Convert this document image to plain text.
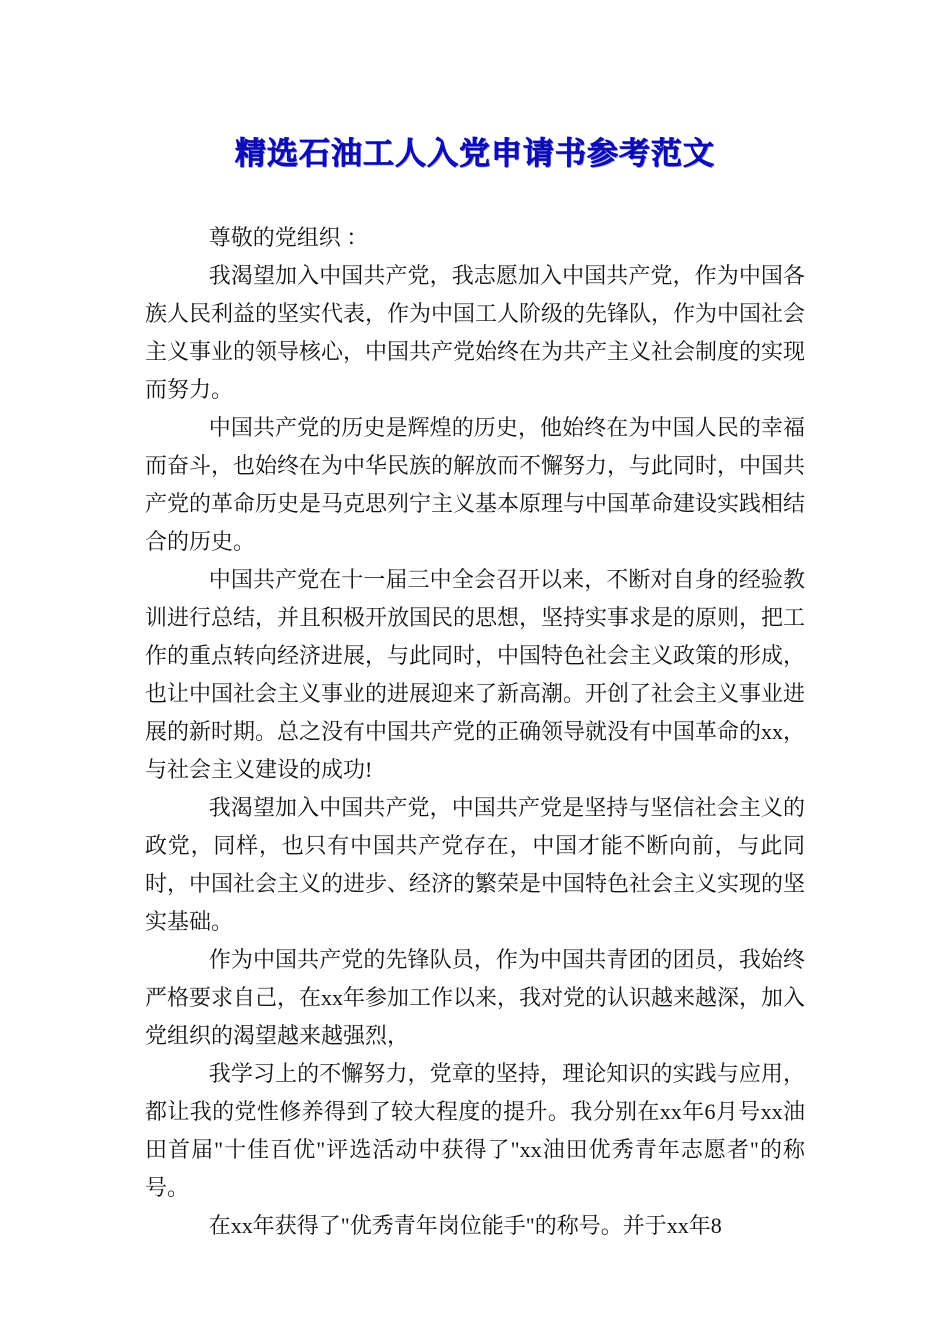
精选石油工人入党申请书参考范文

尊敬的党组织 ：

我渴望加入中国共产党，我志愿加入中国共产党，作为中国各族人民利益的坚实代表，作为中国工人阶级的先锋队，作为中国社会主义事业的领导核心，中国共产党始终在为共产主义社会制度的实现而努力。

中国共产党的历史是辉煌的历史，他始终在为中国人民的幸福而奋斗，也始终在为中华民族的解放而不懈努力，与此同时，中国共产党的革命历史是马克思列宁主义基本原理与中国革命建设实践相结合的历史。

中国共产党在十一届三中全会召开以来，不断对自身的经验教训进行总结，并且积极开放国民的思想，坚持实事求是的原则，把工作的重点转向经济进展，与此同时，中国特色社会主义政策的形成，也让中国社会主义事业的进展迎来了新高潮。开创了社会主义事业进展的新时期。总之没有中国共产党的正确领导就没有中国革命的xx，与社会主义建设的成功!

我渴望加入中国共产党，中国共产党是坚持与坚信社会主义的政党，同样，也只有中国共产党存在，中国才能不断向前，与此同时，中国社会主义的进步、经济的繁荣是中国特色社会主义实现的坚实基础。

作为中国共产党的先锋队员，作为中国共青团的团员，我始终严格要求自己，在xx年参加工作以来，我对党的认识越来越深，加入党组织的渴望越来越强烈，

我学习上的不懈努力，党章的坚持，理论知识的实践与应用，都让我的党性修养得到了较大程度的提升。我分别在xx年6月号xx油田首届"十佳百优"评选活动中获得了"xx油田优秀青年志愿者"的称号。

在xx年获得了"优秀青年岗位能手"的称号。并于xx年8
